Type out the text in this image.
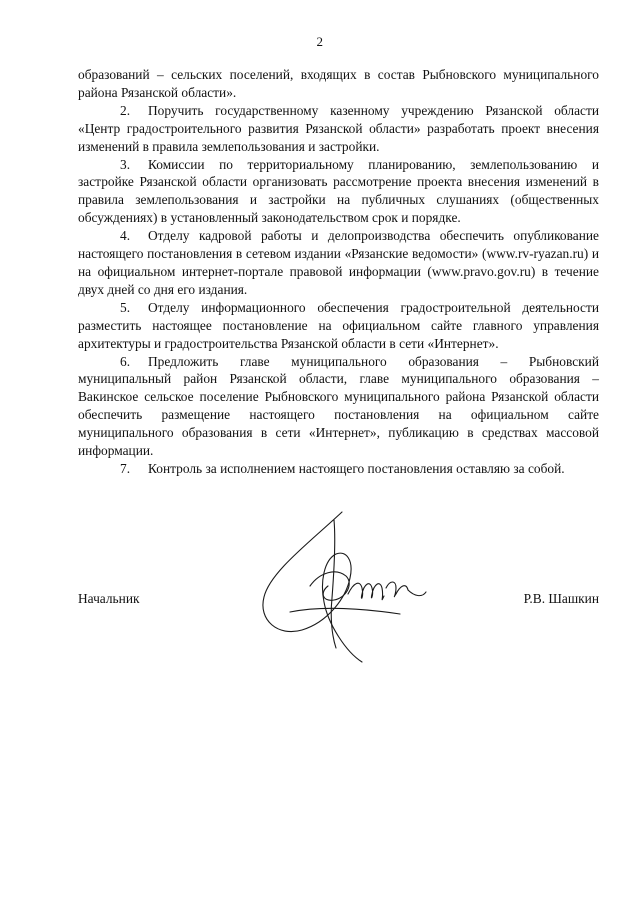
2

образований – сельских поселений, входящих в состав Рыбновского муниципального района Рязанской области».

2. Поручить государственному казенному учреждению Рязанской области «Центр градостроительного развития Рязанской области» разработать проект внесения изменений в правила землепользования и застройки.

3. Комиссии по территориальному планированию, землепользованию и застройке Рязанской области организовать рассмотрение проекта внесения изменений в правила землепользования и застройки на публичных слушаниях (общественных обсуждениях) в установленный законодательством срок и порядке.

4. Отделу кадровой работы и делопроизводства обеспечить опубликование настоящего постановления в сетевом издании «Рязанские ведомости» (www.rv-ryazan.ru) и на официальном интернет-портале правовой информации (www.pravo.gov.ru) в течение двух дней со дня его издания.

5. Отделу информационного обеспечения градостроительной деятельности разместить настоящее постановление на официальном сайте главного управления архитектуры и градостроительства Рязанской области в сети «Интернет».

6. Предложить главе муниципального образования – Рыбновский муниципальный район Рязанской области, главе муниципального образования – Вакинское сельское поселение Рыбновского муниципального района Рязанской области обеспечить размещение настоящего постановления на официальном сайте муниципального образования в сети «Интернет», публикацию в средствах массовой информации.

7. Контроль за исполнением настоящего постановления оставляю за собой.

Начальник	Р.В. Шашкин
